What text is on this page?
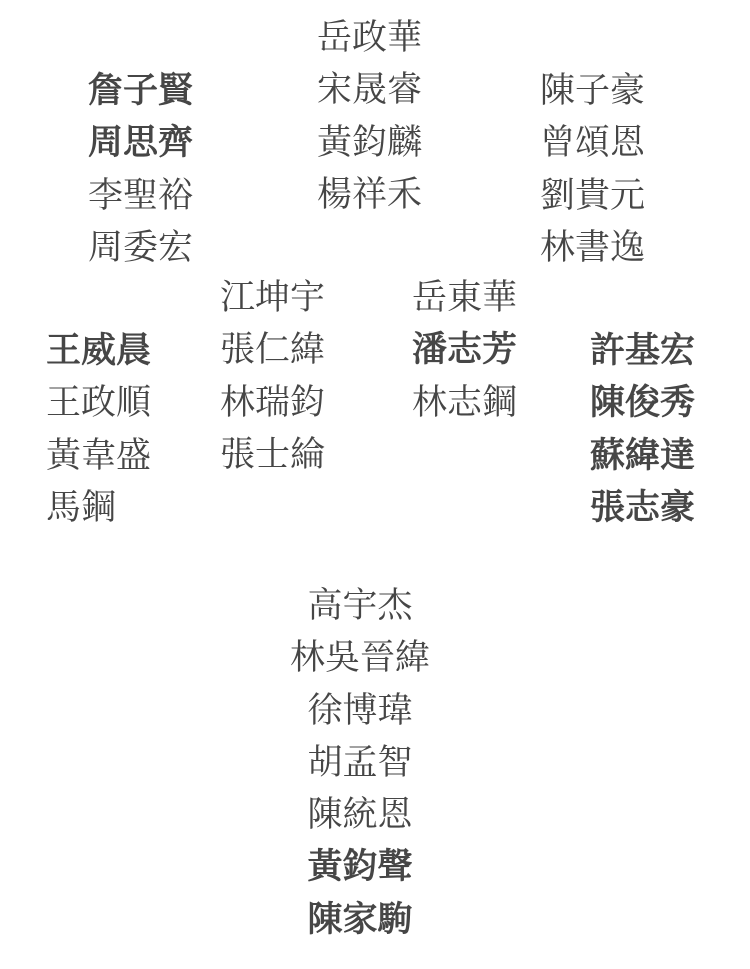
詹子賢
周思齊
李聖裕
周委宏
岳政華
宋晟睿
黃鈞麟
楊祥禾
陳子豪
曾頌恩
劉貴元
林書逸
江坤宇
張仁緯
林瑞鈞
張士綸
岳東華
潘志芳
林志鋼
王威晨
王政順
黃韋盛
馬鋼
許基宏
陳俊秀
蘇緯達
張志豪
高宇杰
林吳晉緯
徐博瑋
胡孟智
陳統恩
黃鈞聲
陳家駒
